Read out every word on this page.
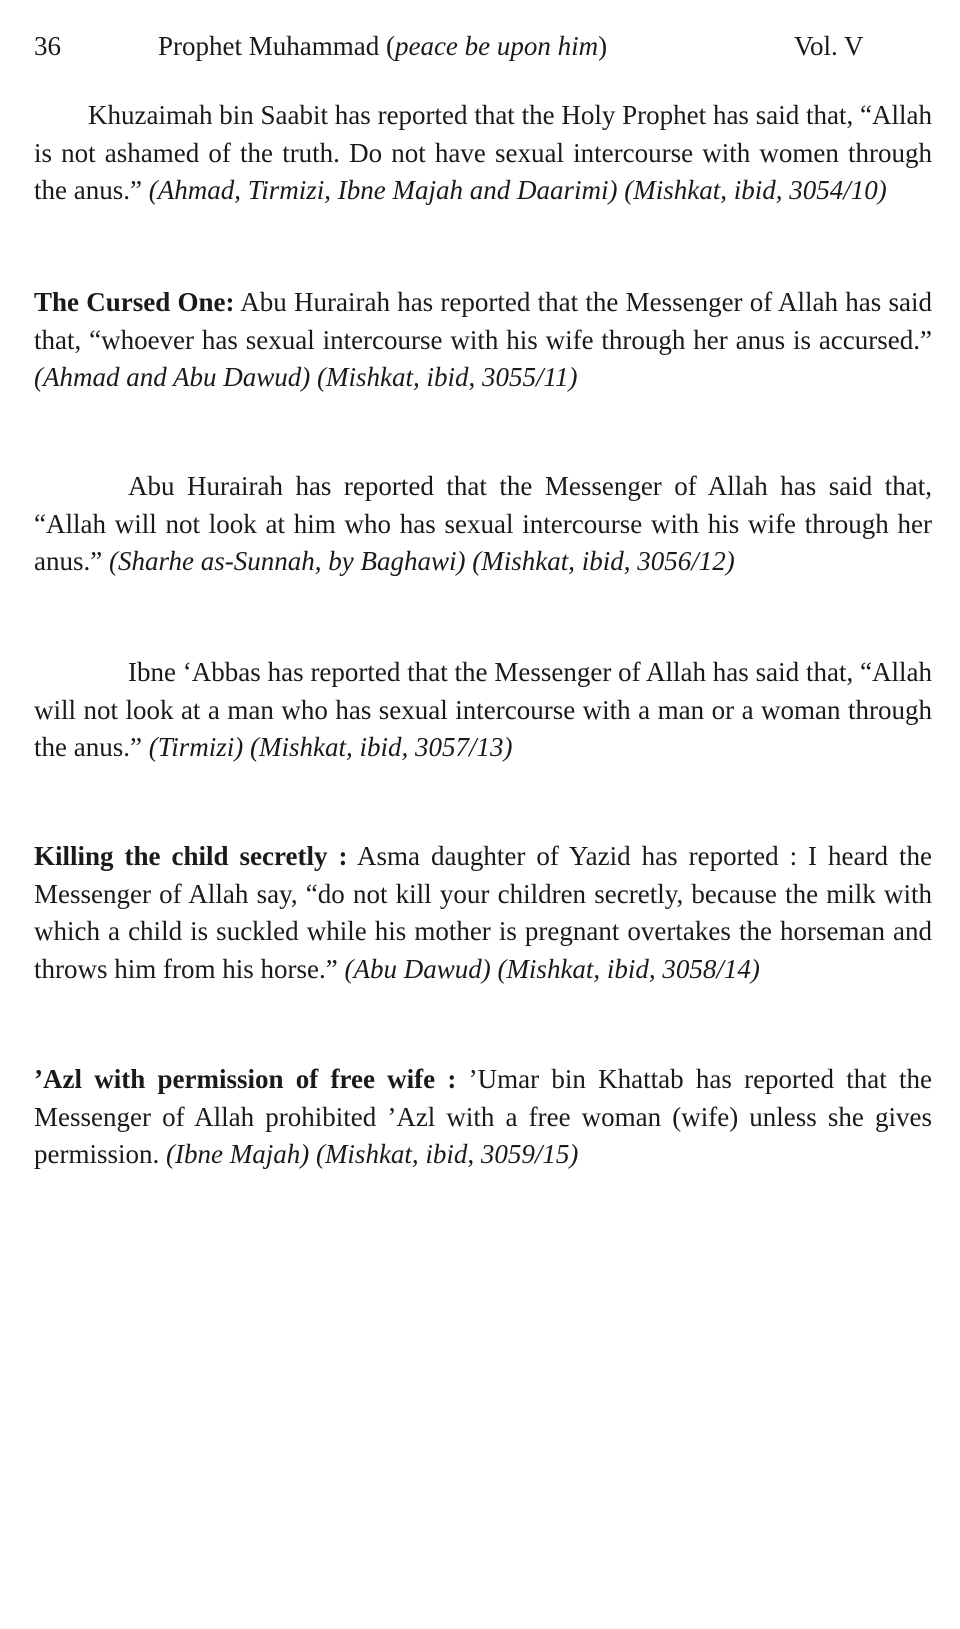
36	Prophet Muhammad (peace be upon him)	Vol. V

Khuzaimah bin Saabit has reported that the Holy Prophet has said that, “Allah is not ashamed of the truth. Do not have sexual intercourse with women through the anus.” (Ahmad, Tirmizi, Ibne Majah and Daarimi) (Mishkat, ibid, 3054/10)

The Cursed One: Abu Hurairah has reported that the Messenger of Allah has said that, “whoever has sexual intercourse with his wife through her anus is accursed.” (Ahmad and Abu Dawud) (Mishkat, ibid, 3055/11)

Abu Hurairah has reported that the Messenger of Allah has said that, “Allah will not look at him who has sexual intercourse with his wife through her anus.” (Sharhe as-Sunnah, by Baghawi) (Mishkat, ibid, 3056/12)

Ibne ‘Abbas has reported that the Messenger of Allah has said that, “Allah will not look at a man who has sexual intercourse with a man or a woman through the anus.” (Tirmizi) (Mishkat, ibid, 3057/13)

Killing the child secretly : Asma daughter of Yazid has reported : I heard the Messenger of Allah say, “do not kill your children secretly, because the milk with which a child is suckled while his mother is pregnant overtakes the horseman and throws him from his horse.” (Abu Dawud) (Mishkat, ibid, 3058/14)

’Azl with permission of free wife : ’Umar bin Khattab has reported that the Messenger of Allah prohibited ’Azl with a free woman (wife) unless she gives permission. (Ibne Majah) (Mishkat, ibid, 3059/15)
